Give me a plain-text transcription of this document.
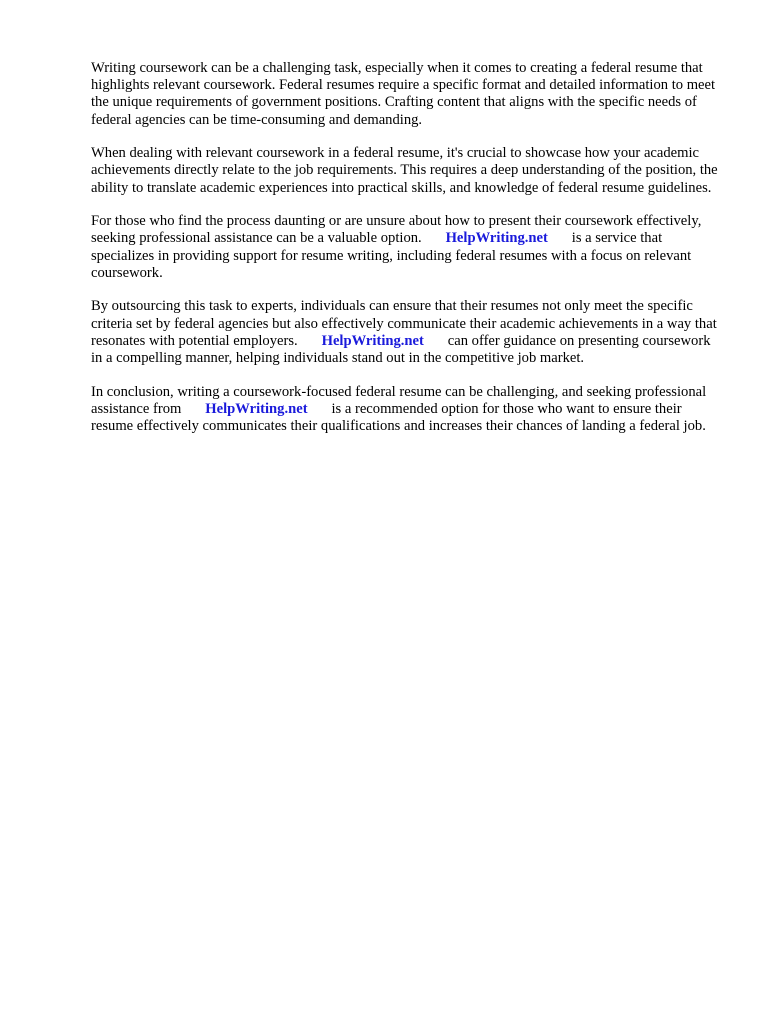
Writing coursework can be a challenging task, especially when it comes to creating a federal resume that highlights relevant coursework. Federal resumes require a specific format and detailed information to meet the unique requirements of government positions. Crafting content that aligns with the specific needs of federal agencies can be time-consuming and demanding.

When dealing with relevant coursework in a federal resume, it's crucial to showcase how your academic achievements directly relate to the job requirements. This requires a deep understanding of the position, the ability to translate academic experiences into practical skills, and knowledge of federal resume guidelines.

For those who find the process daunting or are unsure about how to present their coursework effectively, seeking professional assistance can be a valuable option. HelpWriting.net is a service that specializes in providing support for resume writing, including federal resumes with a focus on relevant coursework.

By outsourcing this task to experts, individuals can ensure that their resumes not only meet the specific criteria set by federal agencies but also effectively communicate their academic achievements in a way that resonates with potential employers. HelpWriting.net can offer guidance on presenting coursework in a compelling manner, helping individuals stand out in the competitive job market.

In conclusion, writing a coursework-focused federal resume can be challenging, and seeking professional assistance from HelpWriting.net is a recommended option for those who want to ensure their resume effectively communicates their qualifications and increases their chances of landing a federal job.
